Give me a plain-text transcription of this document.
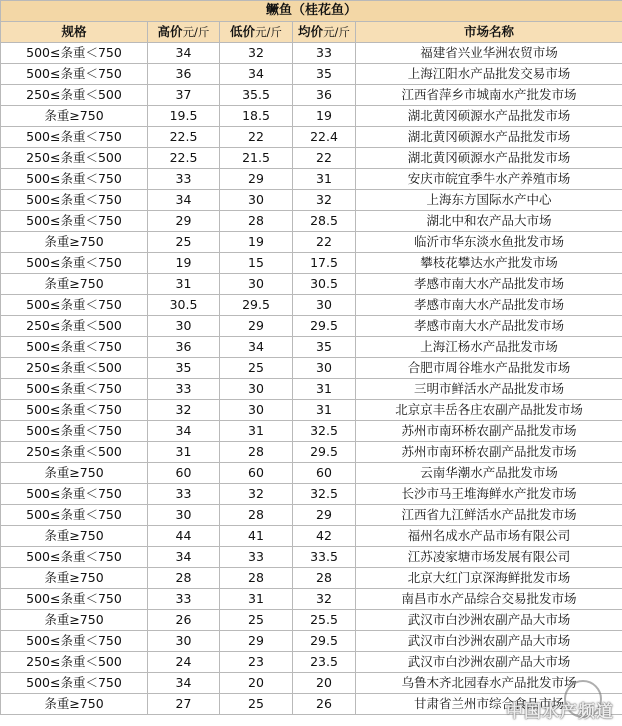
鳜鱼（桂花鱼）				
规格	高价元/斤	低价元/斤	均价元/斤	市场名称
500≤条重＜750	34	32	33	福建省兴业华洲农贸市场
500≤条重＜750	36	34	35	上海江阳水产品批发交易市场
250≤条重＜500	37	35.5	36	江西省萍乡市城南水产批发市场
条重≥750	19.5	18.5	19	湖北黄冈硕源水产品批发市场
500≤条重＜750	22.5	22	22.4	湖北黄冈硕源水产品批发市场
250≤条重＜500	22.5	21.5	22	湖北黄冈硕源水产品批发市场
500≤条重＜750	33	29	31	安庆市皖宜季牛水产养殖市场
500≤条重＜750	34	30	32	上海东方国际水产中心
500≤条重＜750	29	28	28.5	湖北中和农产品大市场
条重≥750	25	19	22	临沂市华东淡水鱼批发市场
500≤条重＜750	19	15	17.5	攀枝花攀达水产批发市场
条重≥750	31	30	30.5	孝感市南大水产品批发市场
500≤条重＜750	30.5	29.5	30	孝感市南大水产品批发市场
250≤条重＜500	30	29	29.5	孝感市南大水产品批发市场
500≤条重＜750	36	34	35	上海江杨水产品批发市场
250≤条重＜500	35	25	30	合肥市周谷堆水产品批发市场
500≤条重＜750	33	30	31	三明市鲜活水产品批发市场
500≤条重＜750	32	30	31	北京京丰岳各庄农副产品批发市场
500≤条重＜750	34	31	32.5	苏州市南环桥农副产品批发市场
250≤条重＜500	31	28	29.5	苏州市南环桥农副产品批发市场
条重≥750	60	60	60	云南华潮水产品批发市场
500≤条重＜750	33	32	32.5	长沙市马王堆海鲜水产批发市场
500≤条重＜750	30	28	29	江西省九江鲜活水产品批发市场
条重≥750	44	41	42	福州名成水产品市场有限公司
500≤条重＜750	34	33	33.5	江苏凌家塘市场发展有限公司
条重≥750	28	28	28	北京大红门京深海鲜批发市场
500≤条重＜750	33	31	32	南昌市水产品综合交易批发市场
条重≥750	26	25	25.5	武汉市白沙洲农副产品大市场
500≤条重＜750	30	29	29.5	武汉市白沙洲农副产品大市场
250≤条重＜500	24	23	23.5	武汉市白沙洲农副产品大市场
500≤条重＜750	34	20	20	乌鲁木齐北园春水产品批发市场
条重≥750	27	25	26	甘肃省兰州市综合食品市场
中国水产频道
